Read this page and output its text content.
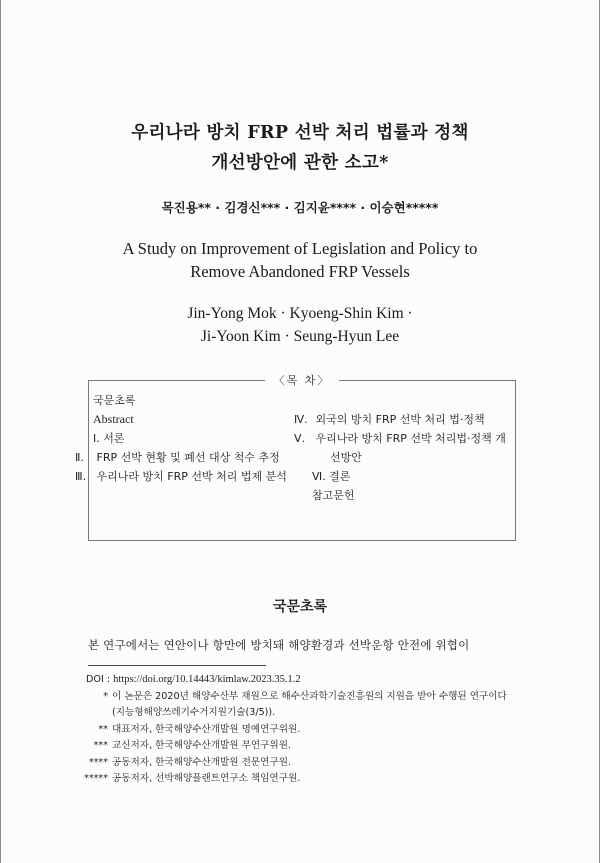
우리나라 방치 FRP 선박 처리 법률과 정책
개선방안에 관한 소고*
목진용** · 김경신*** · 김지윤**** · 이승현*****
A Study on Improvement of Legislation and Policy to
Remove Abandoned FRP Vessels
Jin-Yong Mok · Kyoeng-Shin Kim ·
Ji-Yoon Kim · Seung-Hyun Lee
〈목 차〉
국문초록
Abstract
Ⅰ. 서론
Ⅱ. FRP 선박 현황 및 폐선 대상 척수 추정
Ⅲ. 우리나라 방치 FRP 선박 처리 법제 분석
Ⅳ. 외국의 방치 FRP 선박 처리 법·정책
Ⅴ. 우리나라 방치 FRP 선박 처리법·정책 개선방안
Ⅵ. 결론
참고문헌
국문초록
본 연구에서는 연안이나 항만에 방치돼 해양환경과 선박운항 안전에 위협이
DOI : https://doi.org/10.14443/kimlaw.2023.35.1.2
* 이 논문은 2020년 해양수산부 재원으로 해수산과학기술진흥원의 지원을 받아 수행된 연구이다(지능형해양쓰레기수거지원기술(3/5)).
** 대표저자, 한국해양수산개발원 명예연구위원.
*** 교신저자, 한국해양수산개발원 부연구위원.
**** 공동저자, 한국해양수산개발원 전문연구원.
***** 공동저자, 선박해양플랜트연구소 책임연구원.
